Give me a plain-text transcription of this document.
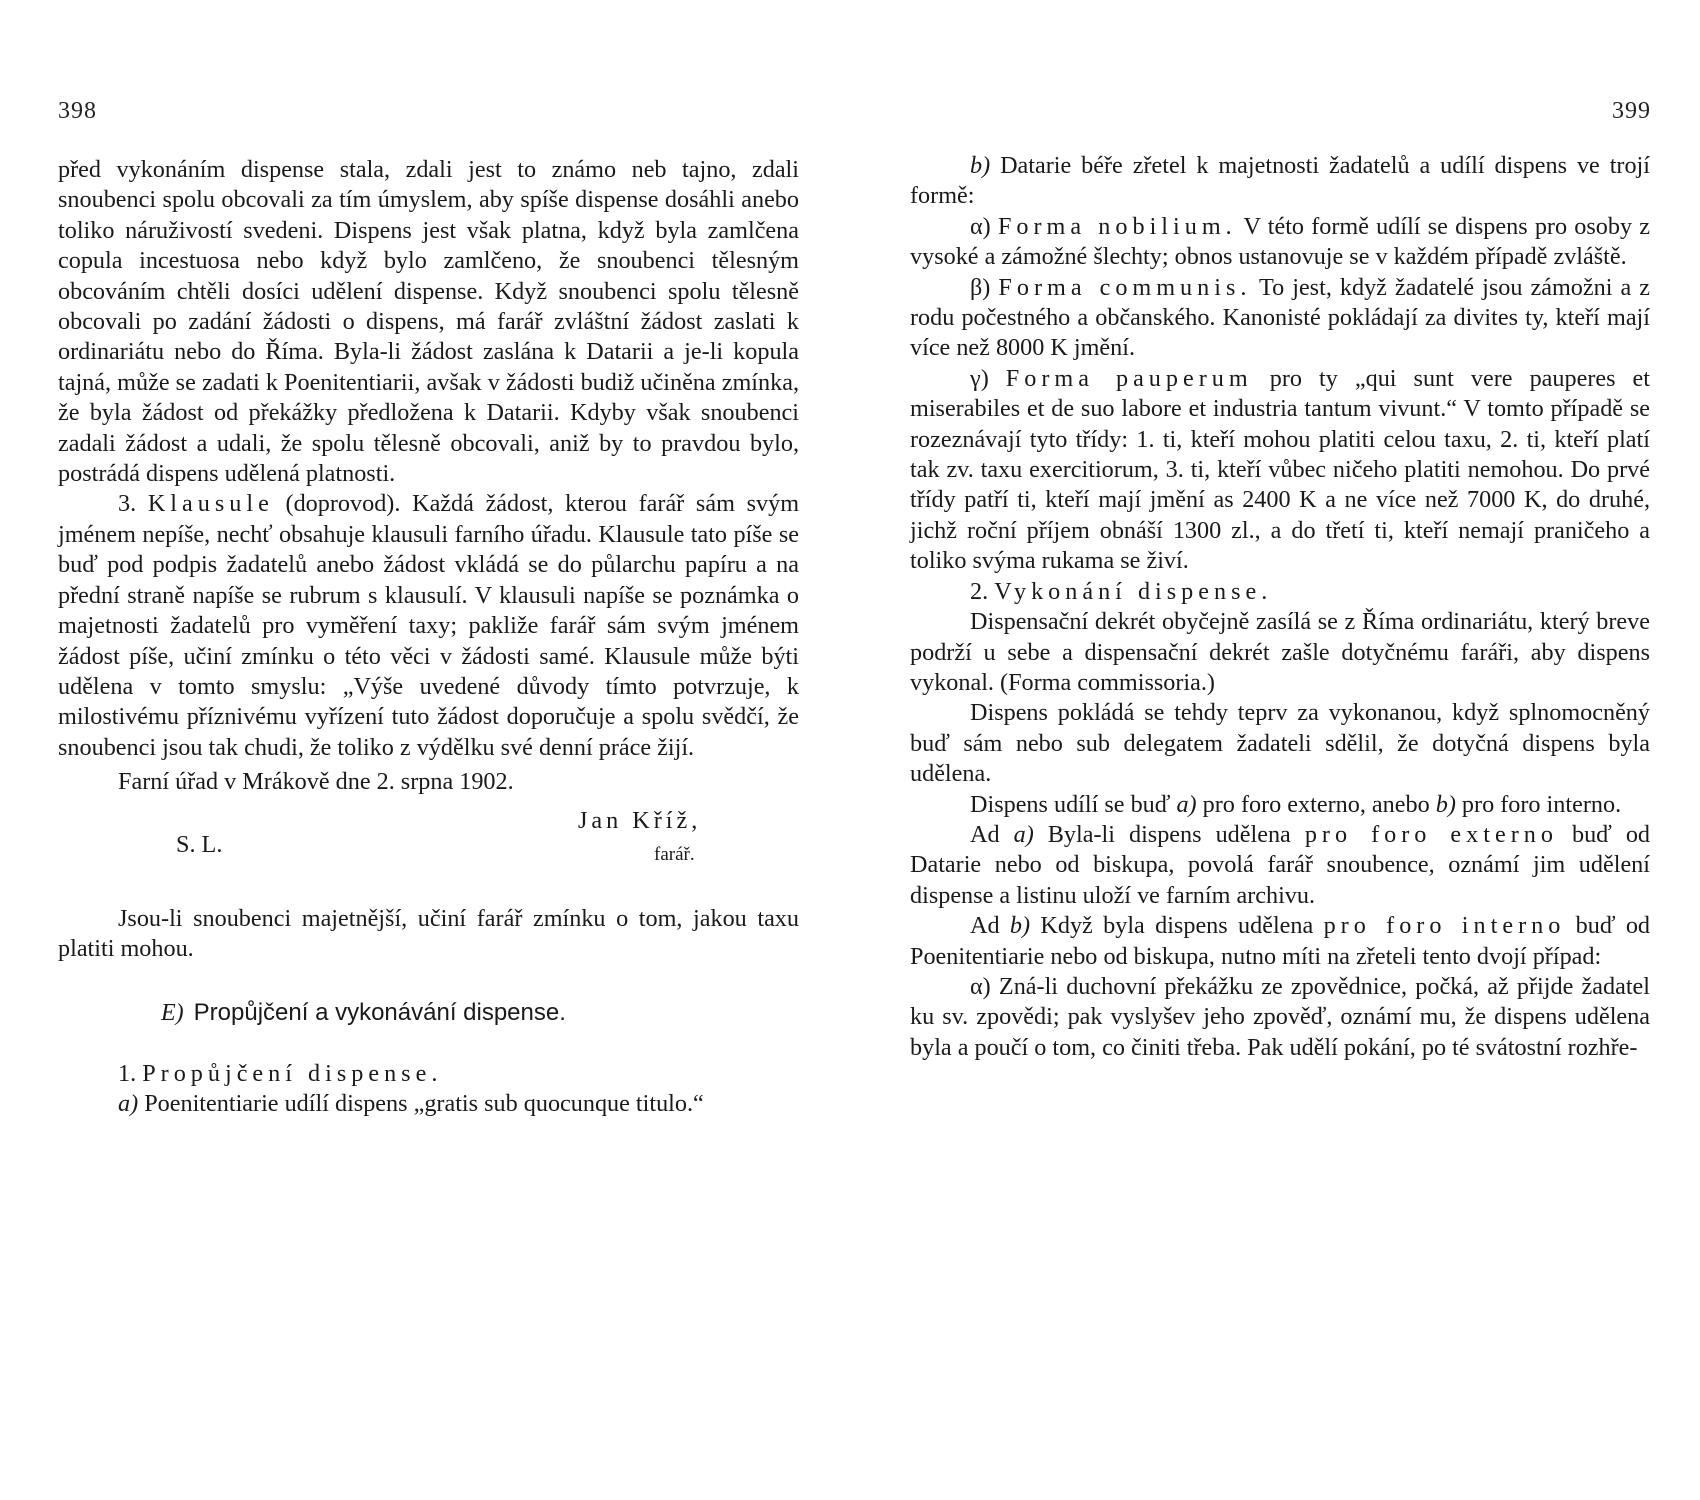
398

před vykonáním dispense stala, zdali jest to známo neb tajno, zdali snoubenci spolu obcovali za tím úmyslem, aby spíše dispense dosáhli anebo toliko náruživostí svedeni. Dispens jest však platna, když byla zamlčena copula incestuosa nebo když bylo zamlčeno, že snoubenci tělesným obcováním chtěli dosíci udělení dispense. Když snoubenci spolu tělesně obcovali po zadání žádosti o dispens, má farář zvláštní žádost zaslati k ordinariátu nebo do Říma. Byla-li žádost zaslána k Datarii a je-li kopula tajná, může se zadati k Poenitentiarii, avšak v žádosti budiž učiněna zmínka, že byla žádost od překážky předložena k Datarii. Kdyby však snoubenci zadali žádost a udali, že spolu tělesně obcovali, aniž by to pravdou bylo, postrádá dispens udělená platnosti.

3. Klausule (doprovod). Každá žádost, kterou farář sám svým jménem nepíše, nechť obsahuje klausuli farního úřadu. Klausule tato píše se buď pod podpis žadatelů anebo žádost vkládá se do půlarchu papíru a na přední straně napíše se rubrum s klausulí. V klausuli napíše se poznámka o majetnosti žadatelů pro vyměření taxy; pakliže farář sám svým jménem žádost píše, učiní zmínku o této věci v žádosti samé. Klausule může býti udělena v tomto smyslu: „Výše uvedené důvody tímto potvrzuje, k milostivému příznivému vyřízení tuto žádost doporučuje a spolu svědčí, že snoubenci jsou tak chudi, že toliko z výdělku své denní práce žijí.

Farní úřad v Mrákově dne 2. srpna 1902.

S. L.
Jan Kříž,
farář.

Jsou-li snoubenci majetnější, učiní farář zmínku o tom, jakou taxu platiti mohou.

E) Propůjčení a vykonávání dispense.

1. Propůjčení dispense.

a) Poenitentiarie udílí dispens „gratis sub quocunque titulo.“

399

b) Datarie béře zřetel k majetnosti žadatelů a udílí dispens ve trojí formě:

α) Forma nobilium. V této formě udílí se dispens pro osoby z vysoké a zámožné šlechty; obnos ustanovuje se v každém případě zvláště.

β) Forma communis. To jest, když žadatelé jsou zámožni a z rodu počestného a občanského. Kanonisté pokládají za divites ty, kteří mají více než 8000 K jmění.

γ) Forma pauperum pro ty „qui sunt vere pauperes et miserabiles et de suo labore et industria tantum vivunt.“ V tomto případě se rozeznávají tyto třídy: 1. ti, kteří mohou platiti celou taxu, 2. ti, kteří platí tak zv. taxu exercitiorum, 3. ti, kteří vůbec ničeho platiti nemohou. Do prvé třídy patří ti, kteří mají jmění as 2400 K a ne více než 7000 K, do druhé, jichž roční příjem obnáší 1300 zl., a do třetí ti, kteří nemají praničeho a toliko svýma rukama se živí.

2. Vykonání dispense.

Dispensační dekrét obyčejně zasílá se z Říma ordinariátu, který breve podrží u sebe a dispensační dekrét zašle dotyčnému faráři, aby dispens vykonal. (Forma commissoria.)

Dispens pokládá se tehdy teprv za vykonanou, když splnomocněný buď sám nebo sub delegatem žadateli sdělil, že dotyčná dispens byla udělena.

Dispens udílí se buď a) pro foro externo, anebo b) pro foro interno.

Ad a) Byla-li dispens udělena pro foro externo buď od Datarie nebo od biskupa, povolá farář snoubence, oznámí jim udělení dispense a listinu uloží ve farním archivu.

Ad b) Když byla dispens udělena pro foro interno buď od Poenitentiarie nebo od biskupa, nutno míti na zřeteli tento dvojí případ:

α) Zná-li duchovní překážku ze zpovědnice, počká, až přijde žadatel ku sv. zpovědi; pak vyslyšev jeho zpověď, oznámí mu, že dispens udělena byla a poučí o tom, co činiti třeba. Pak udělí pokání, po té svátostní rozhře-
